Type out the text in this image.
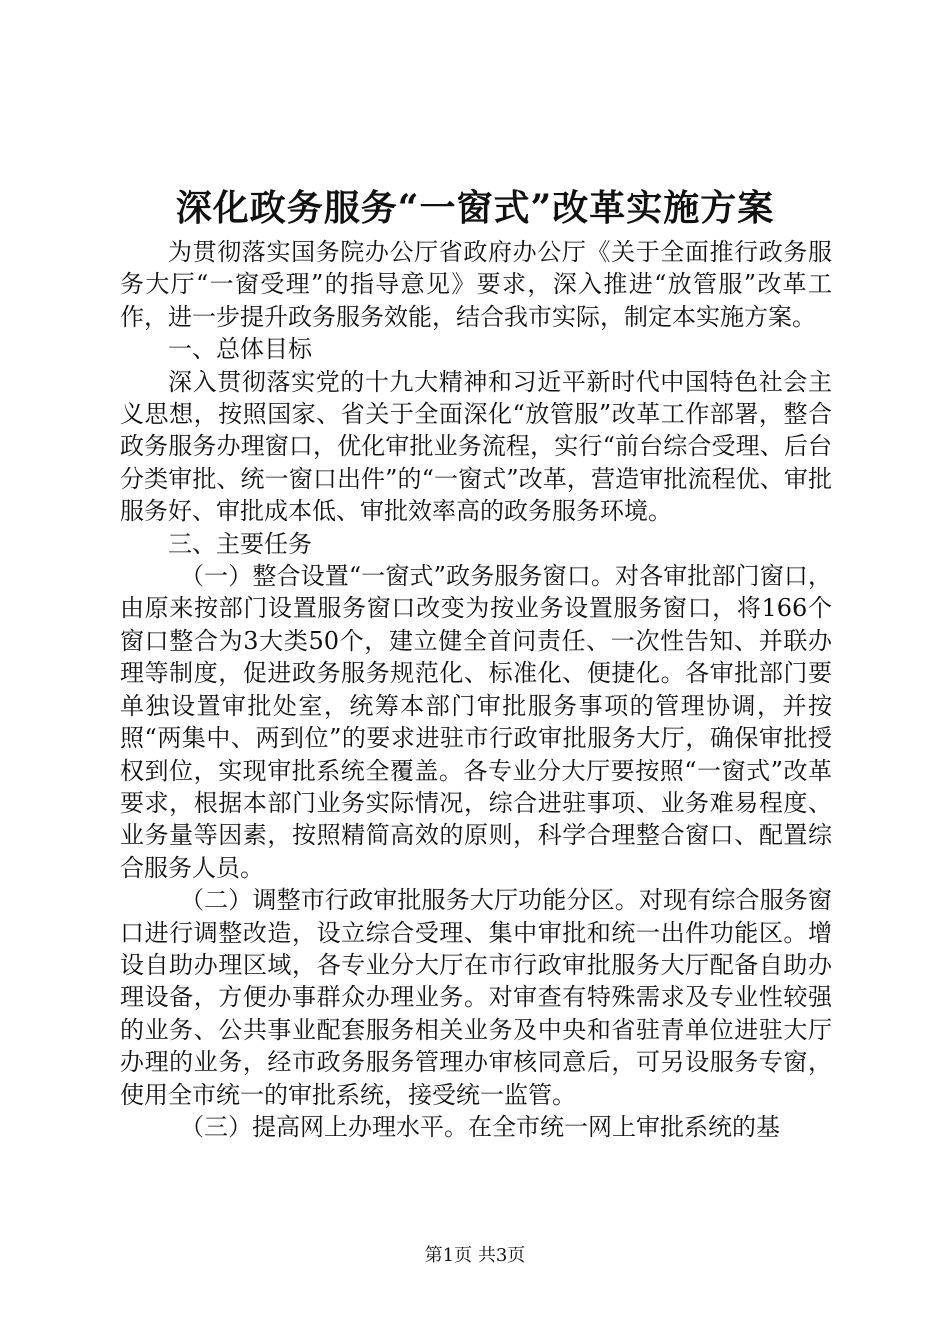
深化政务服务“一窗式”改革实施方案

为贯彻落实国务院办公厅省政府办公厅《关于全面推行政务服务大厅“一窗受理”的指导意见》要求，深入推进“放管服”改革工作，进一步提升政务服务效能，结合我市实际，制定本实施方案。

一、总体目标

深入贯彻落实党的十九大精神和习近平新时代中国特色社会主义思想，按照国家、省关于全面深化“放管服”改革工作部署，整合政务服务办理窗口，优化审批业务流程，实行“前台综合受理、后台分类审批、统一窗口出件”的“一窗式”改革，营造审批流程优、审批服务好、审批成本低、审批效率高的政务服务环境。

三、主要任务

（一）整合设置“一窗式”政务服务窗口。对各审批部门窗口，由原来按部门设置服务窗口改变为按业务设置服务窗口，将166个窗口整合为3大类50个，建立健全首问责任、一次性告知、并联办理等制度，促进政务服务规范化、标准化、便捷化。各审批部门要单独设置审批处室，统筹本部门审批服务事项的管理协调，并按照“两集中、两到位”的要求进驻市行政审批服务大厅，确保审批授权到位，实现审批系统全覆盖。各专业分大厅要按照“一窗式”改革要求，根据本部门业务实际情况，综合进驻事项、业务难易程度、业务量等因素，按照精简高效的原则，科学合理整合窗口、配置综合服务人员。

（二）调整市行政审批服务大厅功能分区。对现有综合服务窗口进行调整改造，设立综合受理、集中审批和统一出件功能区。增设自助办理区域，各专业分大厅在市行政审批服务大厅配备自助办理设备，方便办事群众办理业务。对审查有特殊需求及专业性较强的业务、公共事业配套服务相关业务及中央和省驻青单位进驻大厅办理的业务，经市政务服务管理办审核同意后，可另设服务专窗，使用全市统一的审批系统，接受统一监管。

（三）提高网上办理水平。在全市统一网上审批系统的基

第1页 共3页
